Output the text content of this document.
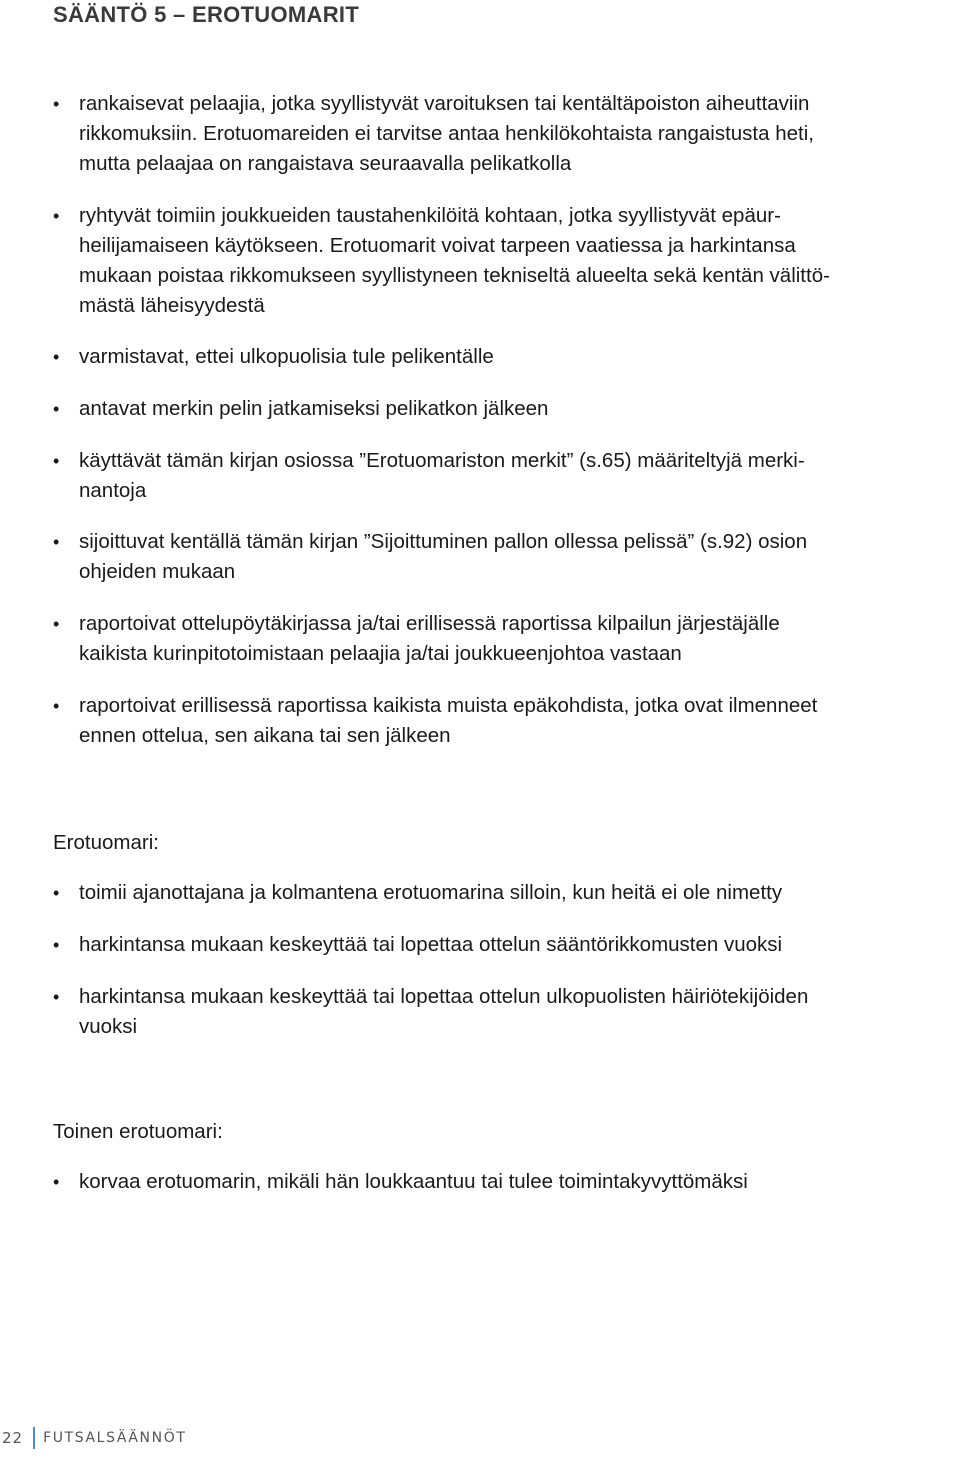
SÄÄNTÖ 5 – EROTUOMARIT
• rankaisevat pelaajia, jotka syyllistyvät varoituksen tai kentältäpoiston aiheuttaviin
rikkomuksiin. Erotuomareiden ei tarvitse antaa henkilökohtaista rangaistusta heti,
mutta pelaajaa on rangaistava seuraavalla pelikatkolla
• ryhtyvät toimiin joukkueiden taustahenkilöitä kohtaan, jotka syyllistyvät epäur-
heilijamaiseen käytökseen. Erotuomarit voivat tarpeen vaatiessa ja harkintansa
mukaan poistaa rikkomukseen syyllistyneen tekniseltä alueelta sekä kentän välittö-
mästä läheisyydestä
• varmistavat, ettei ulkopuolisia tule pelikentälle
• antavat merkin pelin jatkamiseksi pelikatkon jälkeen
• käyttävät tämän kirjan osiossa ”Erotuomariston merkit” (s.65) määriteltyjä merki-
nantoja
• sijoittuvat kentällä tämän kirjan ”Sijoittuminen pallon ollessa pelissä” (s.92) osion
ohjeiden mukaan
• raportoivat ottelupöytäkirjassa ja/tai erillisessä raportissa kilpailun järjestäjälle
kaikista kurinpitotoimistaan pelaajia ja/tai joukkueenjohtoa vastaan
• raportoivat erillisessä raportissa kaikista muista epäkohdista, jotka ovat ilmenneet
ennen ottelua, sen aikana tai sen jälkeen
Erotuomari:
• toimii ajanottajana ja kolmantena erotuomarina silloin, kun heitä ei ole nimetty
• harkintansa mukaan keskeyttää tai lopettaa ottelun sääntörikkomusten vuoksi
• harkintansa mukaan keskeyttää tai lopettaa ottelun ulkopuolisten häiriötekijöiden
vuoksi
Toinen erotuomari:
• korvaa erotuomarin, mikäli hän loukkaantuu tai tulee toimintakyvyttömäksi
22 FUTSALSÄÄNNÖT
